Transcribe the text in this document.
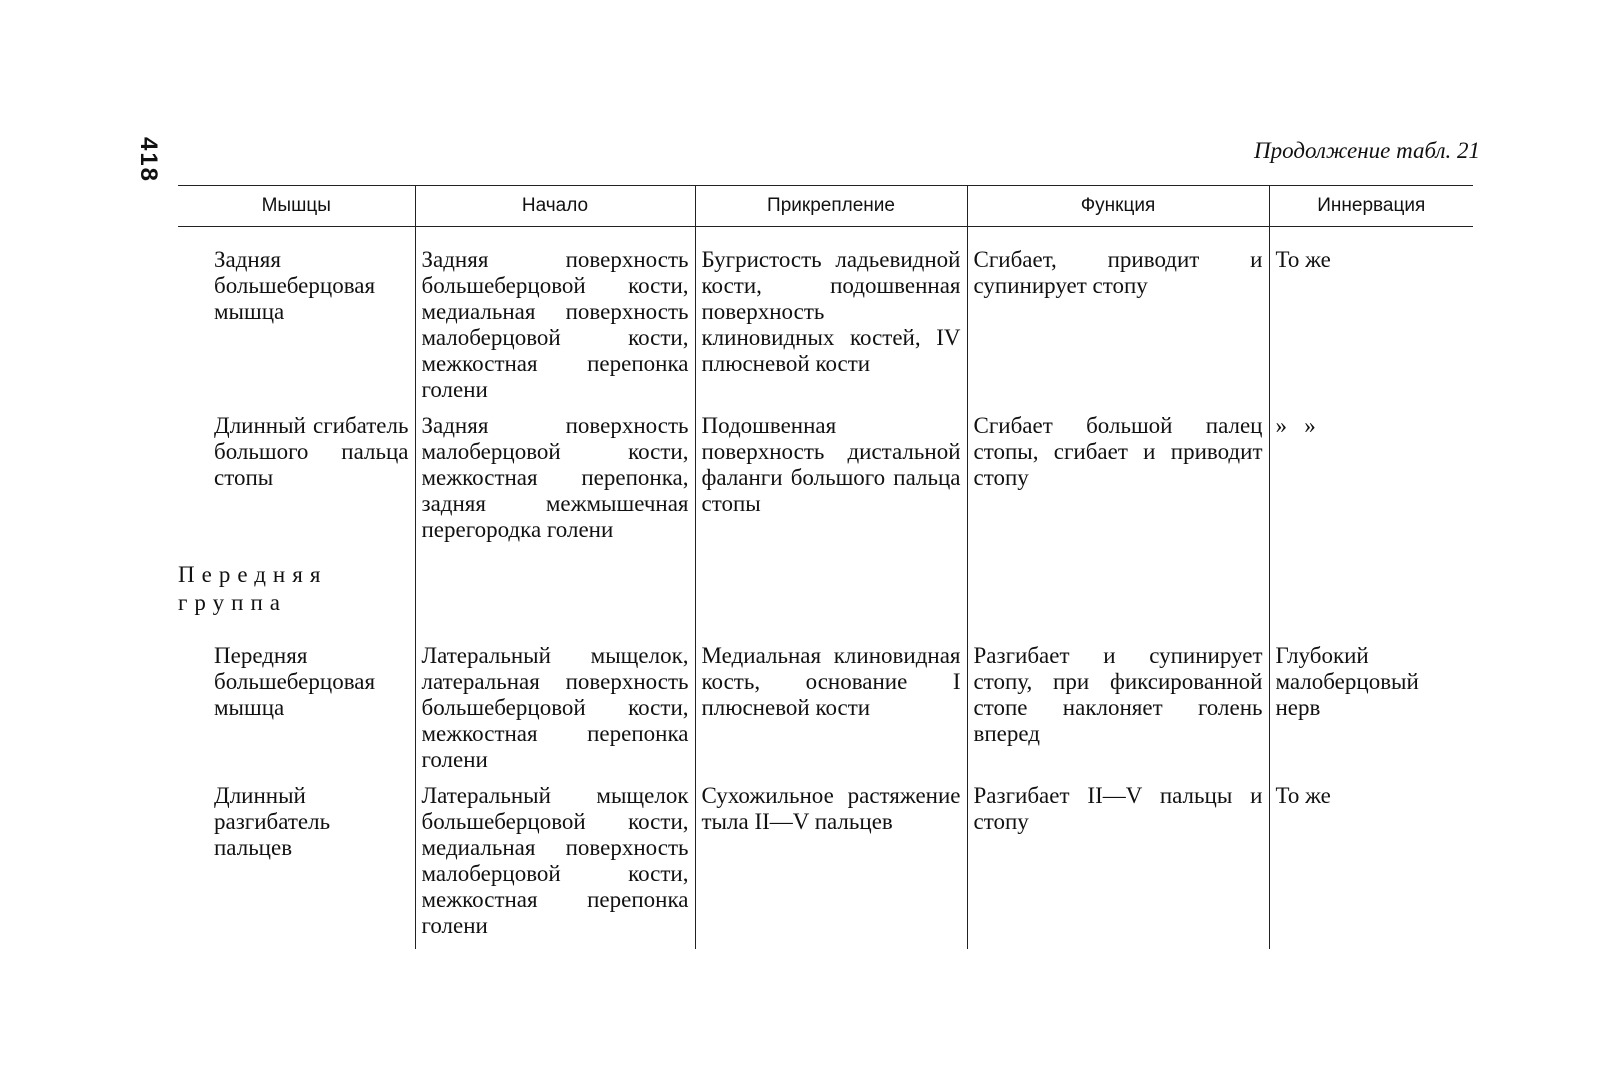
418	Продолжение табл. 21
Мышцы	Начало	Прикрепление	Функция	Иннервация

Задняя большеберцовая мышца	Задняя поверхность большеберцовой кости, медиальная поверхность малоберцовой кости, межкостная перепонка голени	Бугристость ладьевидной кости, подошвенная поверхность клиновидных костей, IV плюсневой кости	Сгибает, приводит и супинирует стопу	То же
Длинный сгибатель большого пальца стопы	Задняя поверхность малоберцовой кости, межкостная перепонка, задняя межмышечная перегородка голени	Подошвенная поверхность дистальной фаланги большого пальца стопы	Сгибает большой палец стопы, сгибает и приводит стопу	»   »
Передняя группа				
Передняя большеберцовая мышца	Латеральный мыщелок, латеральная поверхность большеберцовой кости, межкостная перепонка голени	Медиальная клиновидная кость, основание I плюсневой кости	Разгибает и супинирует стопу, при фиксированной стопе наклоняет голень вперед	Глубокий малоберцовый нерв
Длинный разгибатель пальцев	Латеральный мыщелок большеберцовой кости, медиальная поверхность малоберцовой кости, межкостная перепонка голени	Сухожильное растяжение тыла II—V пальцев	Разгибает II—V пальцы и стопу	То же
